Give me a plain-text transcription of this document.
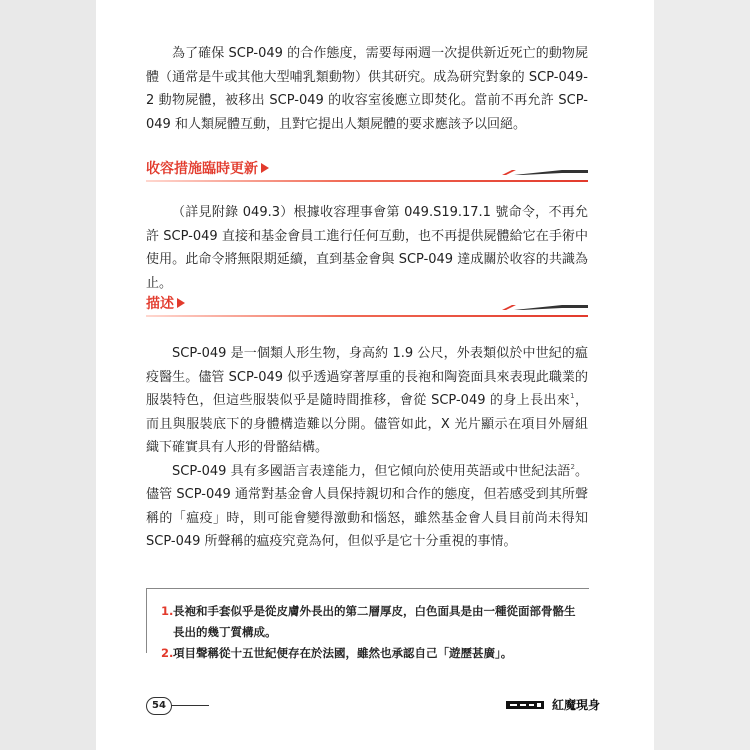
為了確保 SCP-049 的合作態度，需要每兩週一次提供新近死亡的動物屍體（通常是牛或其他大型哺乳類動物）供其研究。成為研究對象的 SCP-049-2 動物屍體，被移出 SCP-049 的收容室後應立即焚化。當前不再允許 SCP-049 和人類屍體互動，且對它提出人類屍體的要求應該予以回絕。

收容措施臨時更新

（詳見附錄 049.3）根據收容理事會第 049.S19.17.1 號命令，不再允許 SCP-049 直接和基金會員工進行任何互動，也不再提供屍體給它在手術中使用。此命令將無限期延續，直到基金會與 SCP-049 達成關於收容的共識為止。

描述

SCP-049 是一個類人形生物，身高約 1.9 公尺，外表類似於中世紀的瘟疫醫生。儘管 SCP-049 似乎透過穿著厚重的長袍和陶瓷面具來表現此職業的服裝特色，但這些服裝似乎是隨時間推移，會從 SCP-049 的身上長出來$^1$，而且與服裝底下的身體構造難以分開。儘管如此，X 光片顯示在項目外層組織下確實具有人形的骨骼結構。

SCP-049 具有多國語言表達能力，但它傾向於使用英語或中世紀法語$^2$。儘管 SCP-049 通常對基金會人員保持親切和合作的態度，但若感受到其所聲稱的「瘟疫」時，則可能會變得激動和惱怒，雖然基金會人員目前尚未得知 SCP-049 所聲稱的瘟疫究竟為何，但似乎是它十分重視的事情。

1. 長袍和手套似乎是從皮膚外長出的第二層厚皮，白色面具是由一種從面部骨骼生長出的幾丁質構成。
2. 項目聲稱從十五世紀便存在於法國，雖然也承認自己「遊歷甚廣」。
54	紅魔現身
